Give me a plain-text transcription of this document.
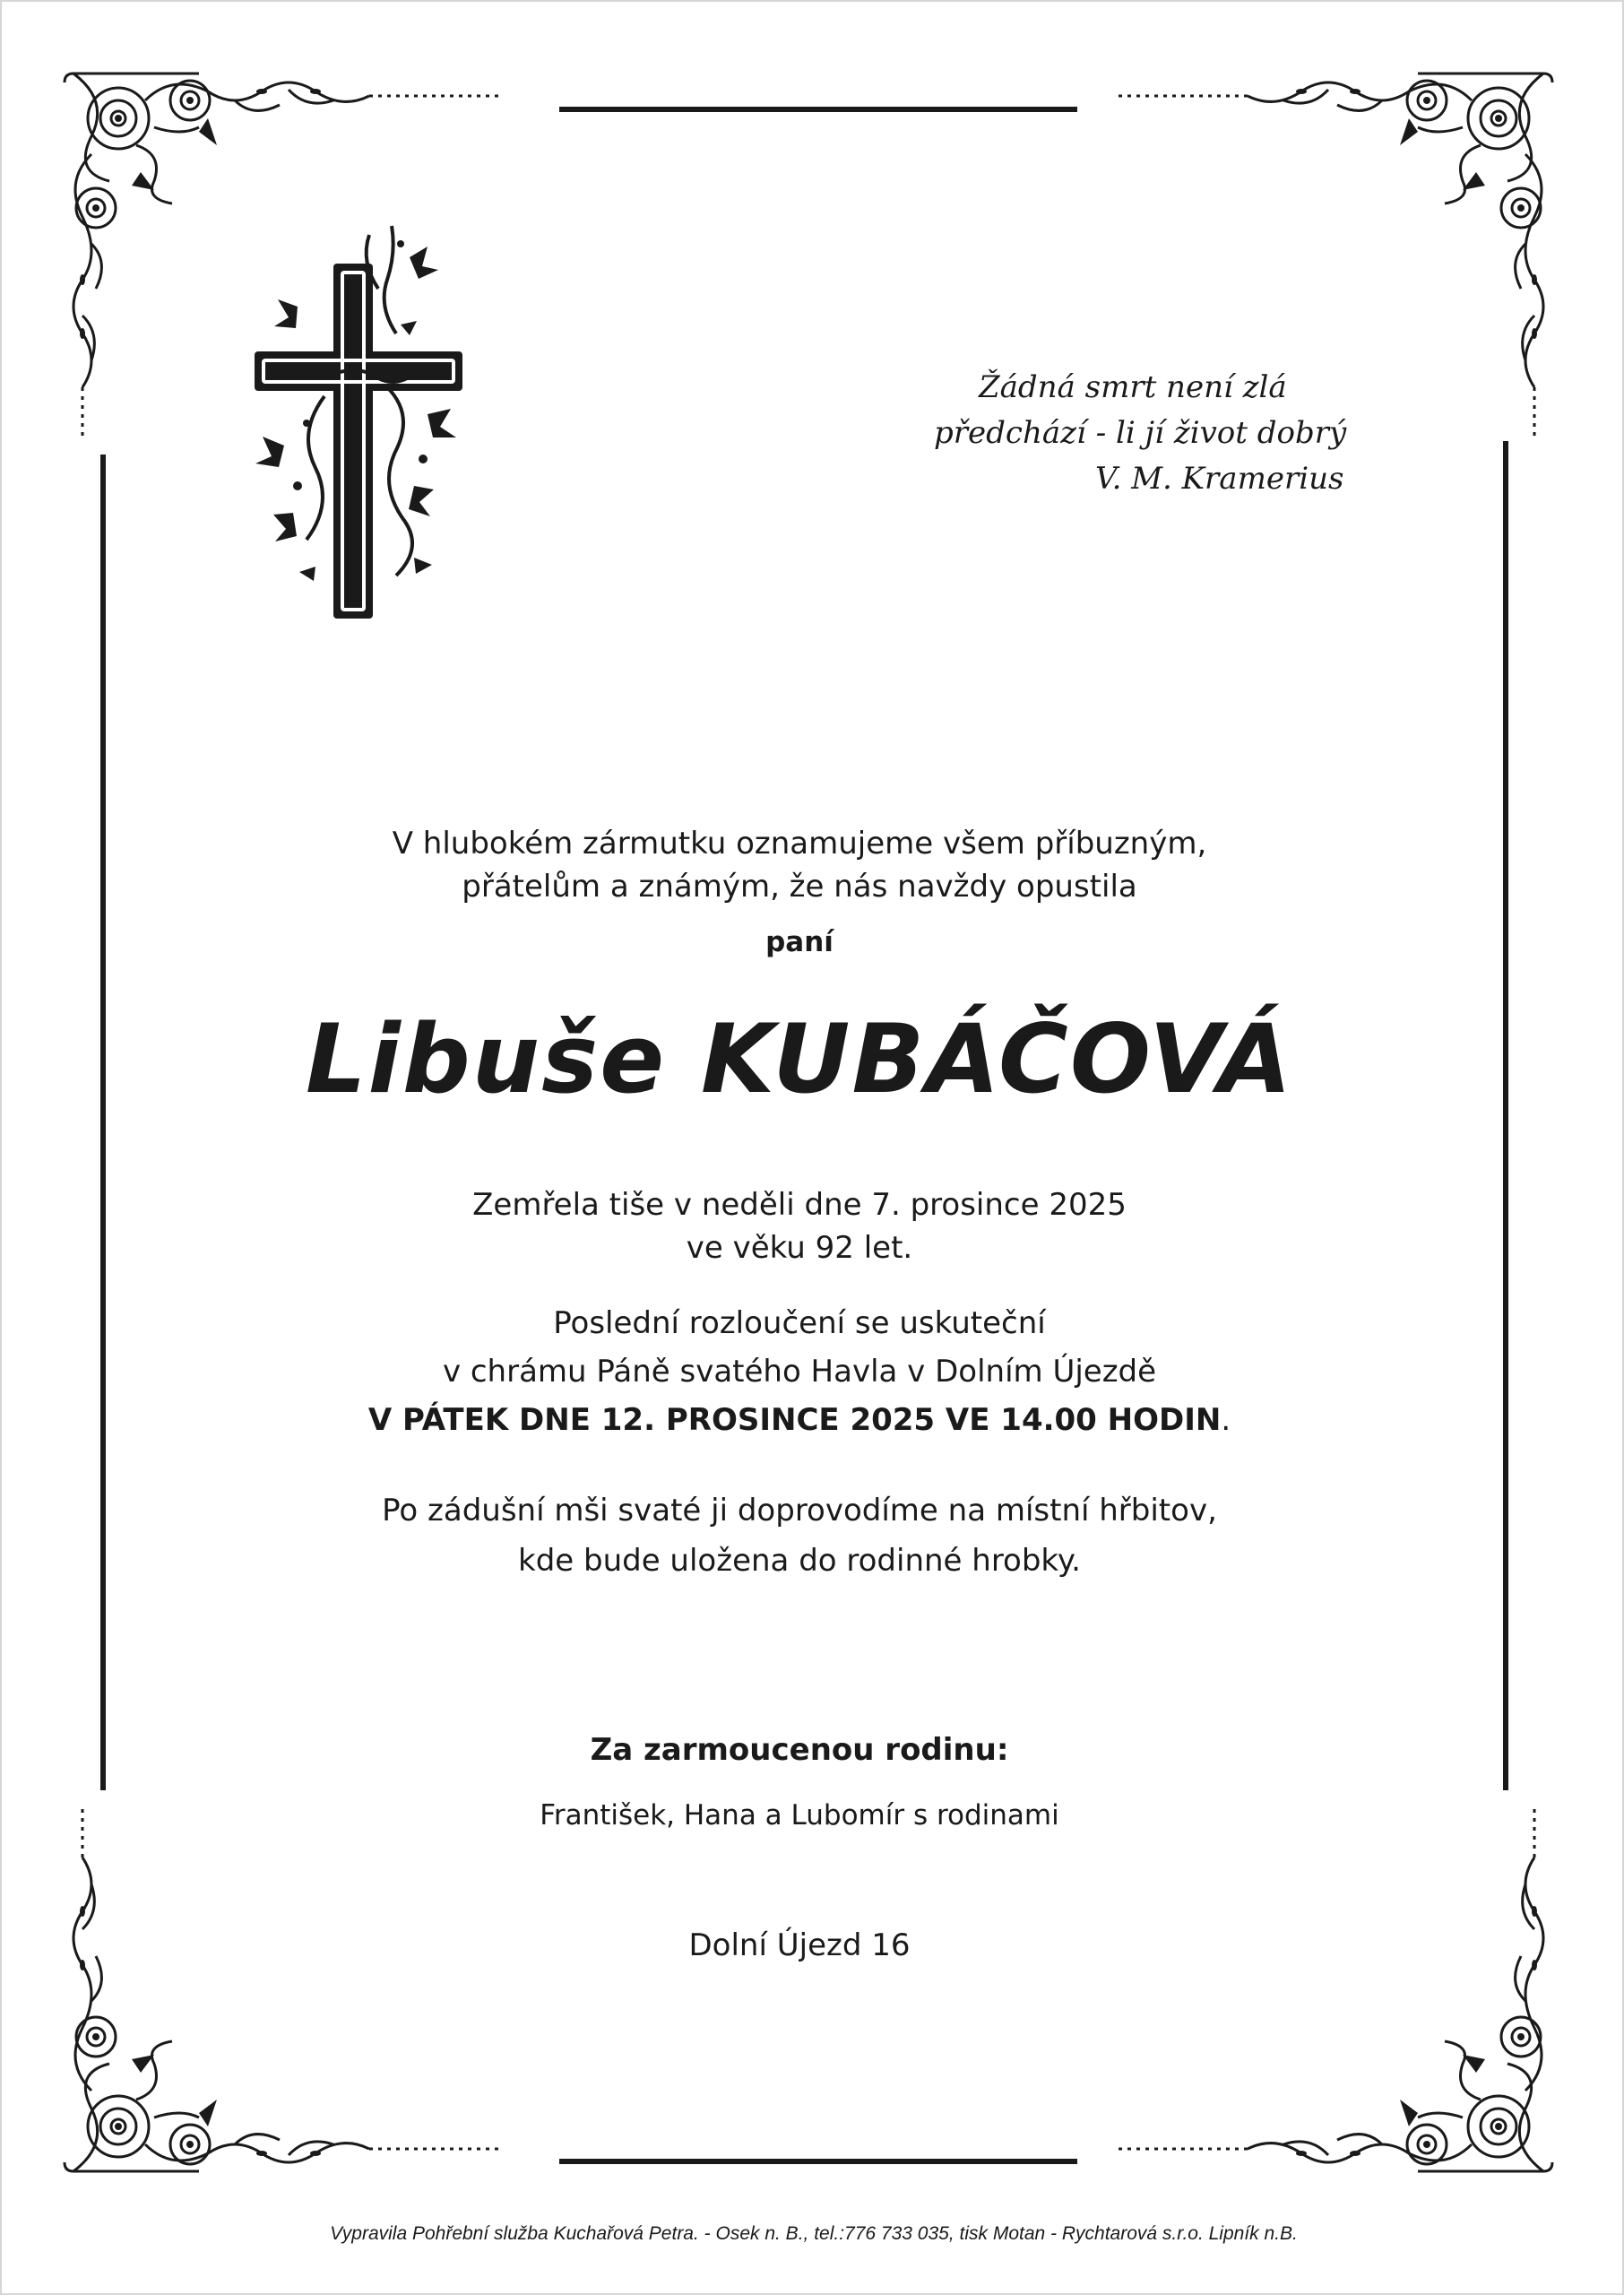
Žádná smrt není zlá
předchází - li jí život dobrý
V. M. Kramerius
V hlubokém zármutku oznamujeme všem příbuzným,
přátelům a známým, že nás navždy opustila
paní
Libuše KUBÁČOVÁ
Zemřela tiše v neděli dne 7. prosince 2025
ve věku 92 let.
Poslední rozloučení se uskuteční
v chrámu Páně svatého Havla v Dolním Újezdě
V PÁTEK DNE 12. PROSINCE 2025 VE 14.00 HODIN.
Po zádušní mši svaté ji doprovodíme na místní hřbitov,
kde bude uložena do rodinné hrobky.
Za zarmoucenou rodinu:
František, Hana a Lubomír s rodinami
Dolní Újezd 16
Vypravila Pohřební služba Kuchařová Petra. - Osek n. B., tel.:776 733 035, tisk Motan - Rychtarová s.r.o. Lipník n.B.
